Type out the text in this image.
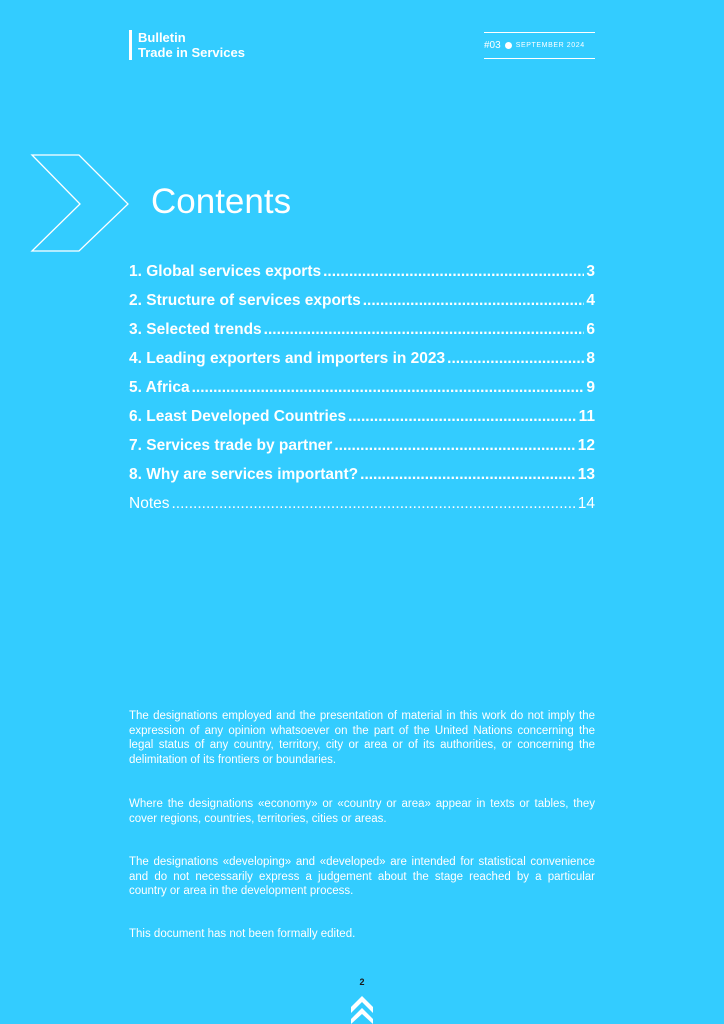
Bulletin
Trade in Services	#03 SEPTEMBER 2024
Contents
1. Global services exports .....	3
2. Structure of services exports .....	4
3. Selected trends .....	6
4. Leading exporters and importers in 2023 .....	8
5. Africa .....	9
6. Least Developed Countries .....	11
7. Services trade by partner .....	12
8. Why are services important? .....	13
Notes .....	14

The designations employed and the presentation of material in this work do not imply the expression of any opinion whatsoever on the part of the United Nations concerning the legal status of any country, territory, city or area or of its authorities, or concerning the delimitation of its frontiers or boundaries.

Where the designations «economy» or «country or area» appear in texts or tables, they cover regions, countries, territories, cities or areas.

The designations «developing» and «developed» are intended for statistical convenience and do not necessarily express a judgement about the stage reached by a particular country or area in the development process.

This document has not been formally edited.

2
